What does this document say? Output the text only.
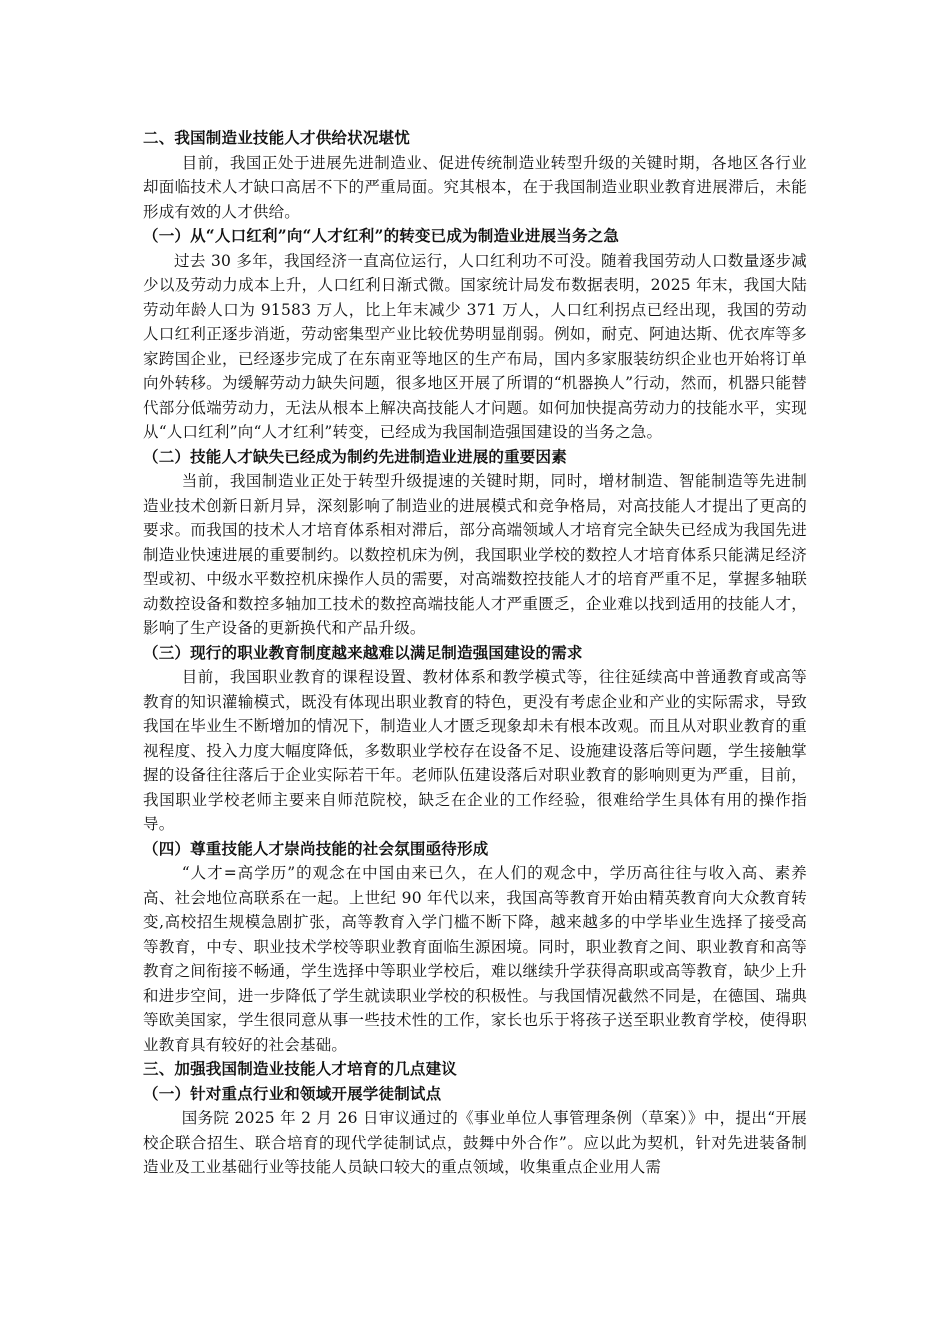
二、我国制造业技能人才供给状况堪忧

目前，我国正处于进展先进制造业、促进传统制造业转型升级的关键时期，各地区各行业却面临技术人才缺口高居不下的严重局面。究其根本，在于我国制造业职业教育进展滞后，未能形成有效的人才供给。

（一）从“人口红利”向“人才红利”的转变已成为制造业进展当务之急

过去 30 多年，我国经济一直高位运行，人口红利功不可没。随着我国劳动人口数量逐步减少以及劳动力成本上升，人口红利日渐式微。国家统计局发布数据表明，2025 年末，我国大陆劳动年龄人口为 91583 万人，比上年末减少 371 万人，人口红利拐点已经出现，我国的劳动人口红利正逐步消逝，劳动密集型产业比较优势明显削弱。例如，耐克、阿迪达斯、优衣库等多家跨国企业，已经逐步完成了在东南亚等地区的生产布局，国内多家服装纺织企业也开始将订单向外转移。为缓解劳动力缺失问题，很多地区开展了所谓的“机器换人”行动，然而，机器只能替代部分低端劳动力，无法从根本上解决高技能人才问题。如何加快提高劳动力的技能水平，实现从“人口红利”向“人才红利”转变，已经成为我国制造强国建设的当务之急。

（二）技能人才缺失已经成为制约先进制造业进展的重要因素

当前，我国制造业正处于转型升级提速的关键时期，同时，增材制造、智能制造等先进制造业技术创新日新月异，深刻影响了制造业的进展模式和竞争格局，对高技能人才提出了更高的要求。而我国的技术人才培育体系相对滞后，部分高端领域人才培育完全缺失已经成为我国先进制造业快速进展的重要制约。以数控机床为例，我国职业学校的数控人才培育体系只能满足经济型或初、中级水平数控机床操作人员的需要，对高端数控技能人才的培育严重不足，掌握多轴联动数控设备和数控多轴加工技术的数控高端技能人才严重匮乏，企业难以找到适用的技能人才，影响了生产设备的更新换代和产品升级。

（三）现行的职业教育制度越来越难以满足制造强国建设的需求

目前，我国职业教育的课程设置、教材体系和教学模式等，往往延续高中普通教育或高等教育的知识灌输模式，既没有体现出职业教育的特色，更没有考虑企业和产业的实际需求，导致我国在毕业生不断增加的情况下，制造业人才匮乏现象却未有根本改观。而且从对职业教育的重视程度、投入力度大幅度降低，多数职业学校存在设备不足、设施建设落后等问题，学生接触掌握的设备往往落后于企业实际若干年。老师队伍建设落后对职业教育的影响则更为严重，目前，我国职业学校老师主要来自师范院校，缺乏在企业的工作经验，很难给学生具体有用的操作指导。

（四）尊重技能人才崇尚技能的社会氛围亟待形成

“人才=高学历”的观念在中国由来已久，在人们的观念中，学历高往往与收入高、素养高、社会地位高联系在一起。上世纪 90 年代以来，我国高等教育开始由精英教育向大众教育转变,高校招生规模急剧扩张，高等教育入学门槛不断下降，越来越多的中学毕业生选择了接受高等教育，中专、职业技术学校等职业教育面临生源困境。同时，职业教育之间、职业教育和高等教育之间衔接不畅通，学生选择中等职业学校后，难以继续升学获得高职或高等教育，缺少上升和进步空间，进一步降低了学生就读职业学校的积极性。与我国情况截然不同是，在德国、瑞典等欧美国家，学生很同意从事一些技术性的工作，家长也乐于将孩子送至职业教育学校，使得职业教育具有较好的社会基础。

三、加强我国制造业技能人才培育的几点建议
（一）针对重点行业和领域开展学徒制试点

国务院 2025 年 2 月 26 日审议通过的《事业单位人事管理条例（草案）》中，提出“开展校企联合招生、联合培育的现代学徒制试点，鼓舞中外合作”。应以此为契机，针对先进装备制造业及工业基础行业等技能人员缺口较大的重点领域，收集重点企业用人需
